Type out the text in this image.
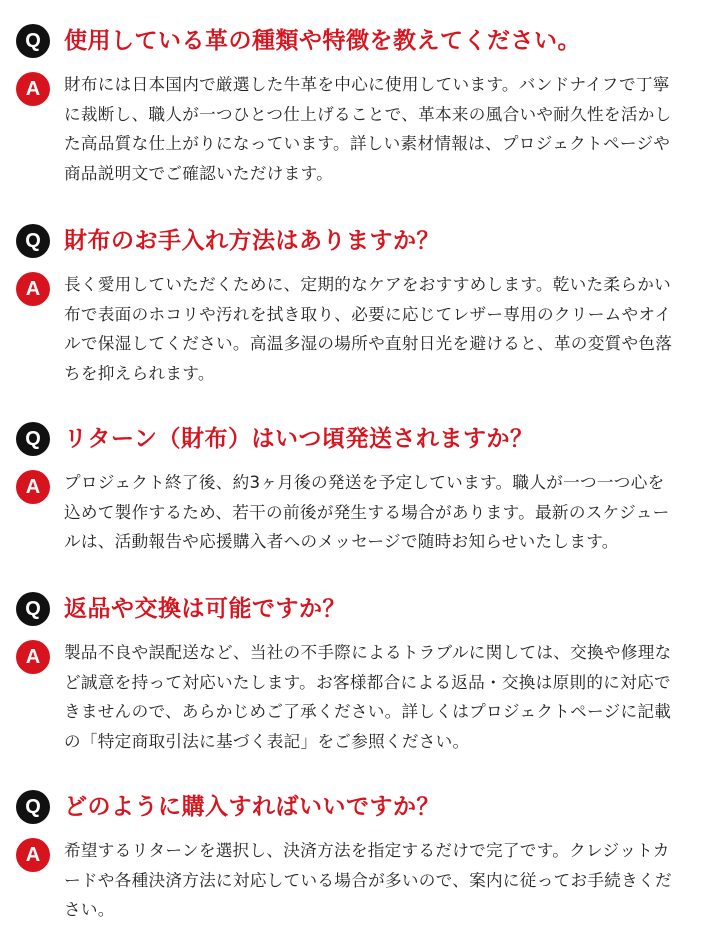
Q	使用している革の種類や特徴を教えてください。
A	財布には日本国内で厳選した牛革を中心に使用しています。バンドナイフで丁寧
に裁断し、職人が一つひとつ仕上げることで、革本来の風合いや耐久性を活かし
た高品質な仕上がりになっています。詳しい素材情報は、プロジェクトページや
商品説明文でご確認いただけます。
Q	財布のお手入れ方法はありますか？
A	長く愛用していただくために、定期的なケアをおすすめします。乾いた柔らかい
布で表面のホコリや汚れを拭き取り、必要に応じてレザー専用のクリームやオイ
ルで保湿してください。高温多湿の場所や直射日光を避けると、革の変質や色落
ちを抑えられます。
Q	リターン（財布）はいつ頃発送されますか？
A	プロジェクト終了後、約3ヶ月後の発送を予定しています。職人が一つ一つ心を
込めて製作するため、若干の前後が発生する場合があります。最新のスケジュー
ルは、活動報告や応援購入者へのメッセージで随時お知らせいたします。
Q	返品や交換は可能ですか？
A	製品不良や誤配送など、当社の不手際によるトラブルに関しては、交換や修理な
ど誠意を持って対応いたします。お客様都合による返品・交換は原則的に対応で
きませんので、あらかじめご了承ください。詳しくはプロジェクトページに記載
の「特定商取引法に基づく表記」をご参照ください。
Q	どのように購入すればいいですか？
A	希望するリターンを選択し、決済方法を指定するだけで完了です。クレジットカ
ードや各種決済方法に対応している場合が多いので、案内に従ってお手続きくだ
さい。
